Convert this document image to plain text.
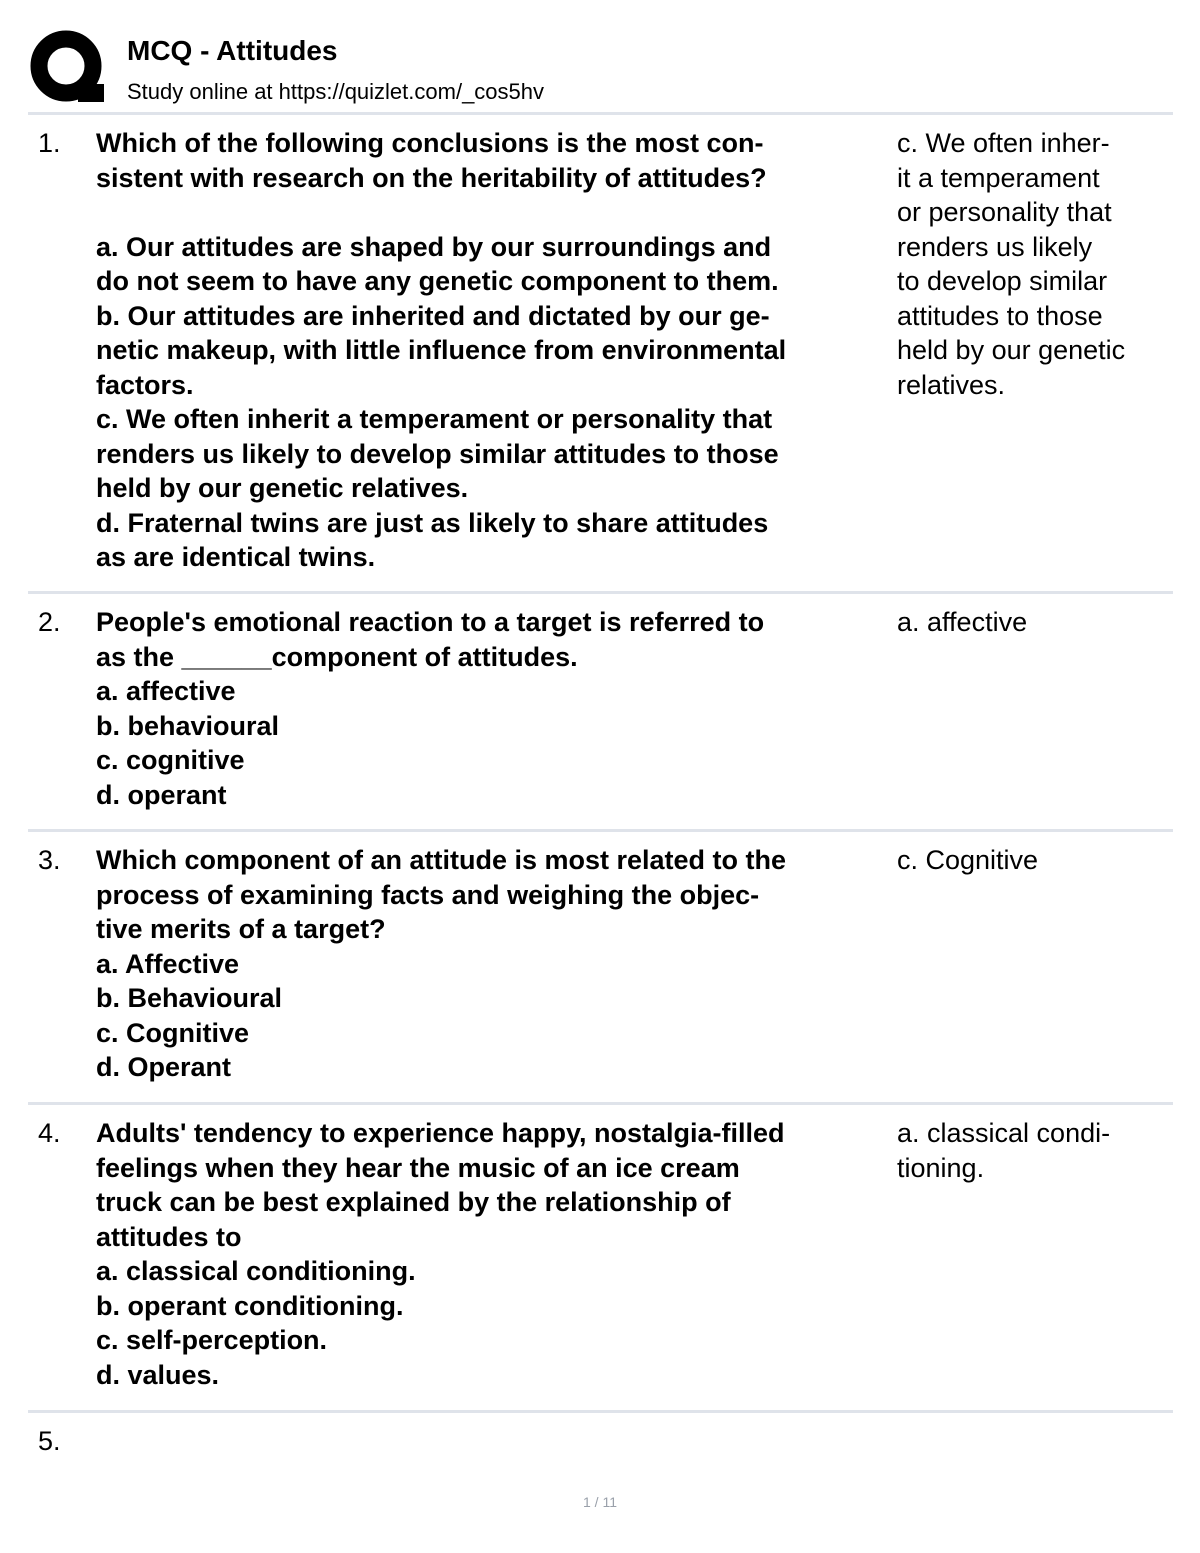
MCQ - Attitudes
Study online at https://quizlet.com/_cos5hv
1. Which of the following conclusions is the most con-
sistent with research on the heritability of attitudes?
a. Our attitudes are shaped by our surroundings and
do not seem to have any genetic component to them.
b. Our attitudes are inherited and dictated by our ge-
netic makeup, with little influence from environmental
factors.
c. We often inherit a temperament or personality that
renders us likely to develop similar attitudes to those
held by our genetic relatives.
d. Fraternal twins are just as likely to share attitudes
as are identical twins.
c. We often inher-
it a temperament
or personality that
renders us likely
to develop similar
attitudes to those
held by our genetic
relatives.
2. People's emotional reaction to a target is referred to
as the ______component of attitudes.
a. affective
b. behavioural
c. cognitive
d. operant
a. affective
3. Which component of an attitude is most related to the
process of examining facts and weighing the objec-
tive merits of a target?
a. Affective
b. Behavioural
c. Cognitive
d. Operant
c. Cognitive
4. Adults' tendency to experience happy, nostalgia-filled
feelings when they hear the music of an ice cream
truck can be best explained by the relationship of
attitudes to
a. classical conditioning.
b. operant conditioning.
c. self-perception.
d. values.
a. classical condi-
tioning.
5.
1 / 11
